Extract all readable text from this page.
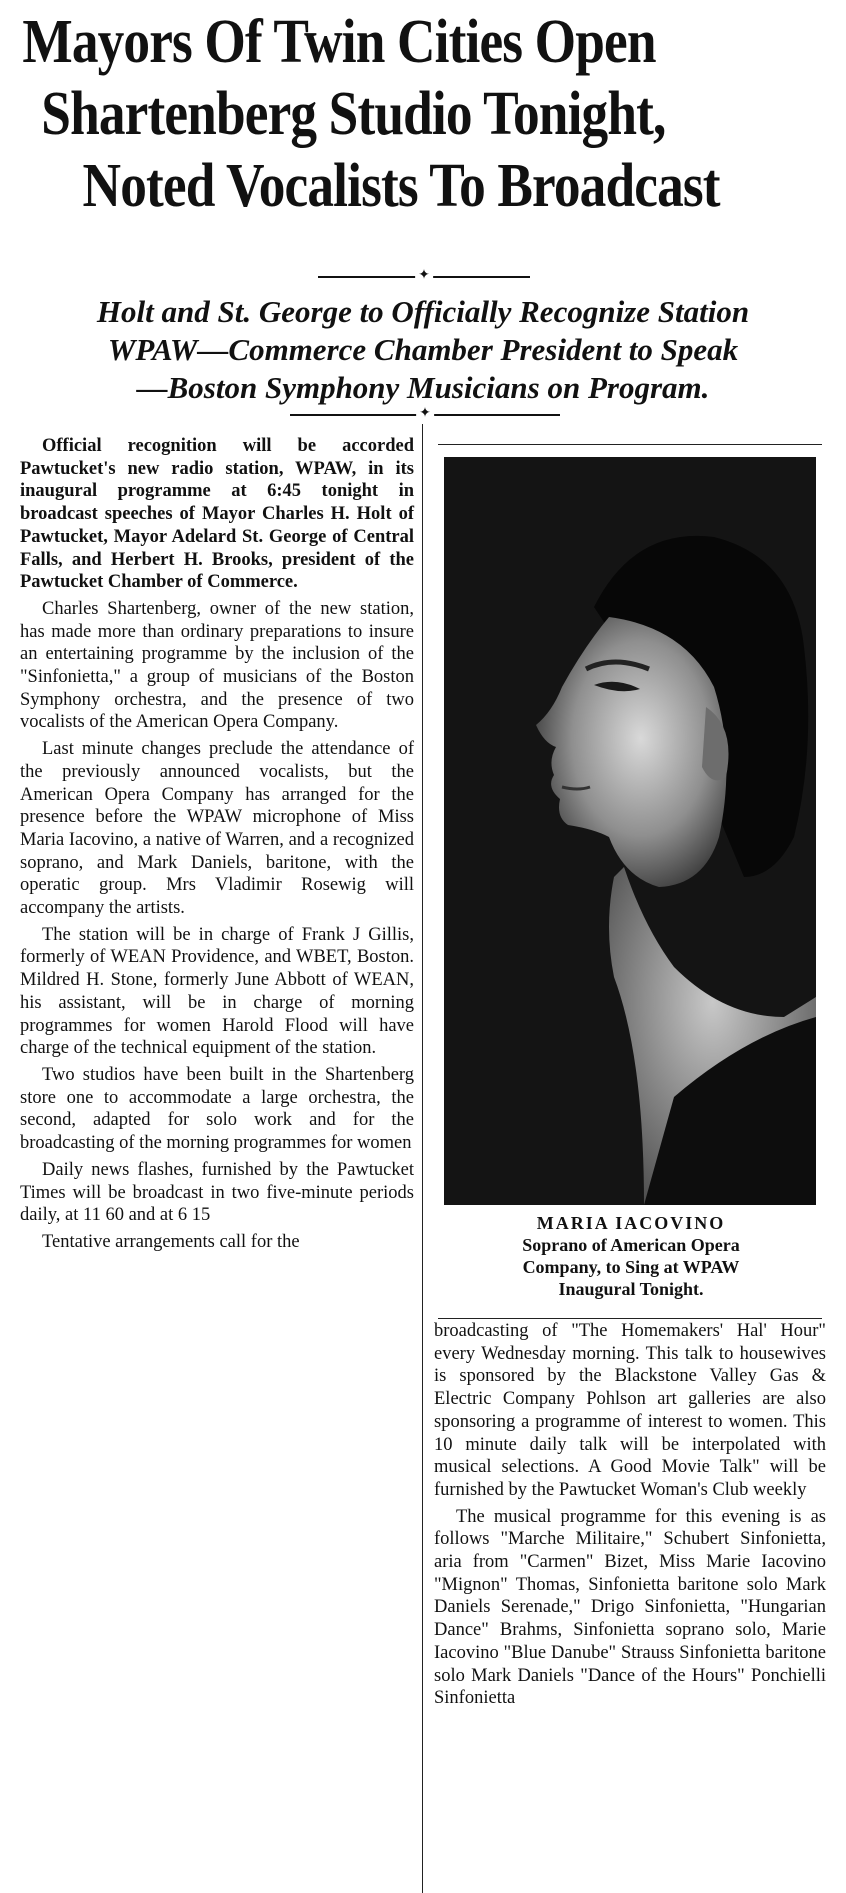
Mayors Of Twin Cities Open
Shartenberg Studio Tonight,
Noted Vocalists To Broadcast
✦
Holt and St. George to Officially Recognize Station
WPAW—Commerce Chamber President to Speak
—Boston Symphony Musicians on Program.
✦

Official recognition will be accorded Pawtucket's new radio station, WPAW, in its inaugural programme at 6:45 tonight in broadcast speeches of Mayor Charles H. Holt of Pawtucket, Mayor Adelard St. George of Central Falls, and Herbert H. Brooks, president of the Pawtucket Chamber of Commerce.

Charles Shartenberg, owner of the new station, has made more than ordinary preparations to insure an entertaining programme by the inclusion of the "Sinfonietta," a group of musicians of the Boston Symphony orchestra, and the presence of two vocalists of the American Opera Company.

Last minute changes preclude the attendance of the previously announced vocalists, but the American Opera Company has arranged for the presence before the WPAW microphone of Miss Maria Iacovino, a native of Warren, and a recognized soprano, and Mark Daniels, baritone, with the operatic group. Mrs Vladimir Rosewig will accompany the artists.

The station will be in charge of Frank J Gillis, formerly of WEAN Providence, and WBET, Boston. Mildred H. Stone, formerly June Abbott of WEAN, his assistant, will be in charge of morning programmes for women Harold Flood will have charge of the technical equipment of the station.

Two studios have been built in the Shartenberg store one to accommodate a large orchestra, the second, adapted for solo work and for the broadcasting of the morning programmes for women

Daily news flashes, furnished by the Pawtucket Times will be broadcast in two five-minute periods daily, at 11 60 and at 6 15

Tentative arrangements call for the

MARIA IACOVINO
Soprano of American Opera
Company, to Sing at WPAW
Inaugural Tonight.

broadcasting of "The Homemakers' Hal' Hour" every Wednesday morning. This talk to housewives is sponsored by the Blackstone Valley Gas & Electric Company Pohlson art galleries are also sponsoring a programme of interest to women. This 10 minute daily talk will be interpolated with musical selections. A Good Movie Talk" will be furnished by the Pawtucket Woman's Club weekly

The musical programme for this evening is as follows "Marche Militaire," Schubert Sinfonietta, aria from "Carmen" Bizet, Miss Marie Iacovino "Mignon" Thomas, Sinfonietta baritone solo Mark Daniels Serenade," Drigo Sinfonietta, "Hungarian Dance" Brahms, Sinfonietta soprano solo, Marie Iacovino "Blue Danube" Strauss Sinfonietta baritone solo Mark Daniels "Dance of the Hours" Ponchielli Sinfonietta
